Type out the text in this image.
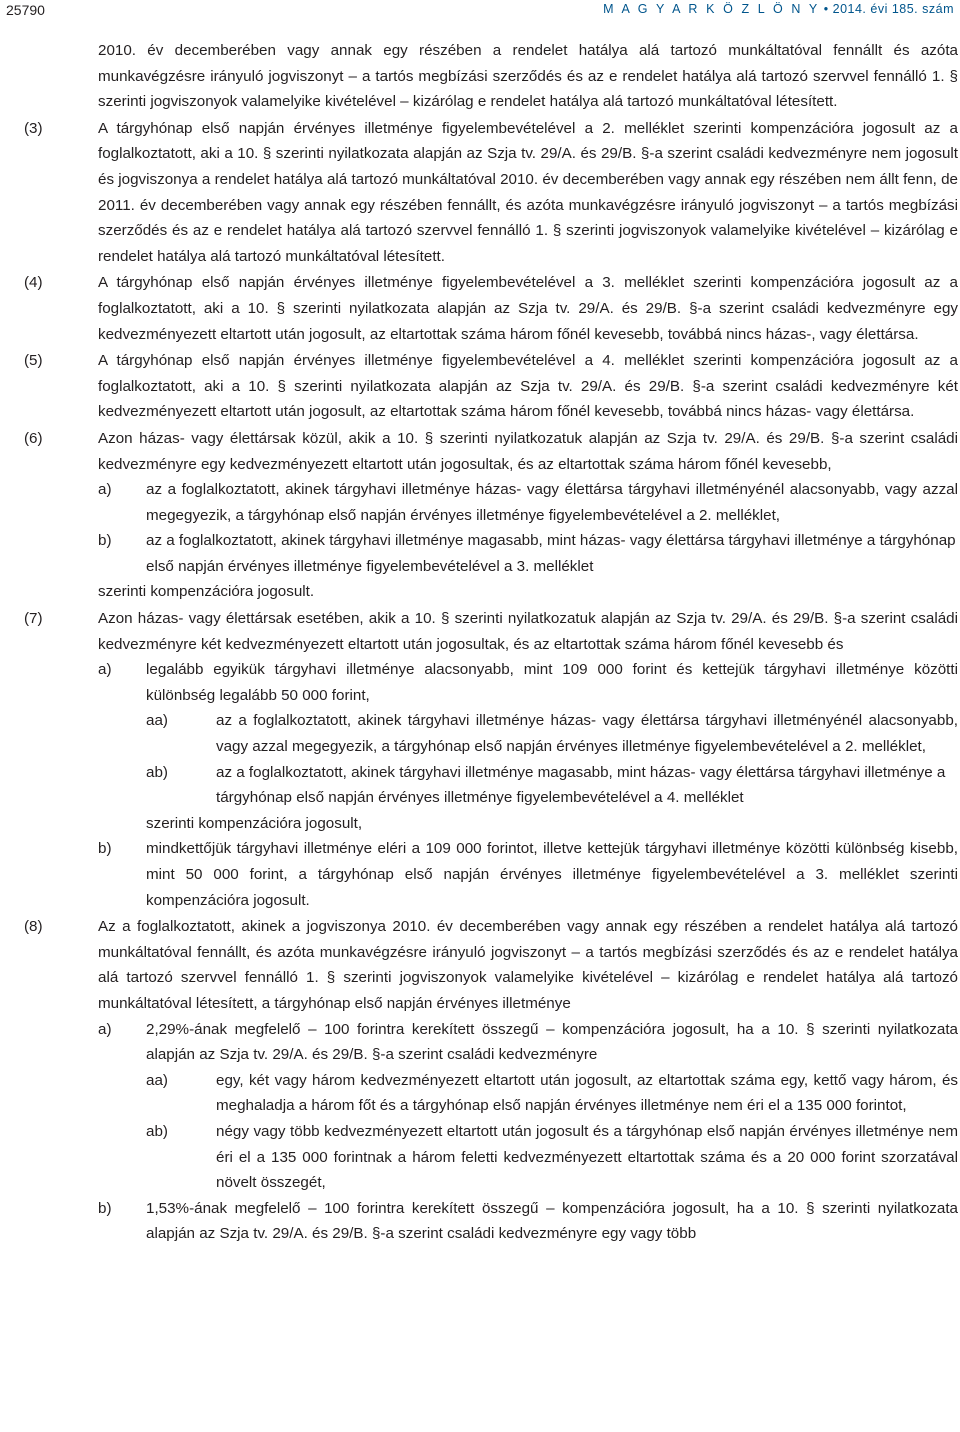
25790	M A G Y A R K Ö Z L Ö N Y • 2014. évi 185. szám

2010. év decemberében vagy annak egy részében a rendelet hatálya alá tartozó munkáltatóval fennállt és azóta munkavégzésre irányuló jogviszonyt – a tartós megbízási szerződés és az e rendelet hatálya alá tartozó szervvel fennálló 1. § szerinti jogviszonyok valamelyike kivételével – kizárólag e rendelet hatálya alá tartozó munkáltatóval létesített.

(3)	A tárgyhónap első napján érvényes illetménye figyelembevételével a 2. melléklet szerinti kompenzációra jogosult az a foglalkoztatott, aki a 10. § szerinti nyilatkozata alapján az Szja tv. 29/A. és 29/B. §-a szerint családi kedvezményre nem jogosult és jogviszonya a rendelet hatálya alá tartozó munkáltatóval 2010. év decemberében vagy annak egy részében nem állt fenn, de 2011. év decemberében vagy annak egy részében fennállt, és azóta munkavégzésre irányuló jogviszonyt – a tartós megbízási szerződés és az e rendelet hatálya alá tartozó szervvel fennálló 1. § szerinti jogviszonyok valamelyike kivételével – kizárólag e rendelet hatálya alá tartozó munkáltatóval létesített.

(4)	A tárgyhónap első napján érvényes illetménye figyelembevételével a 3. melléklet szerinti kompenzációra jogosult az a foglalkoztatott, aki a 10. § szerinti nyilatkozata alapján az Szja tv. 29/A. és 29/B. §-a szerint családi kedvezményre egy kedvezményezett eltartott után jogosult, az eltartottak száma három főnél kevesebb, továbbá nincs házas-, vagy élettársa.

(5)	A tárgyhónap első napján érvényes illetménye figyelembevételével a 4. melléklet szerinti kompenzációra jogosult az a foglalkoztatott, aki a 10. § szerinti nyilatkozata alapján az Szja tv. 29/A. és 29/B. §-a szerint családi kedvezményre két kedvezményezett eltartott után jogosult, az eltartottak száma három főnél kevesebb, továbbá nincs házas- vagy élettársa.

(6)	Azon házas- vagy élettársak közül, akik a 10. § szerinti nyilatkozatuk alapján az Szja tv. 29/A. és 29/B. §-a szerint családi kedvezményre egy kedvezményezett eltartott után jogosultak, és az eltartottak száma három főnél kevesebb,

a)	az a foglalkoztatott, akinek tárgyhavi illetménye házas- vagy élettársa tárgyhavi illetményénél alacsonyabb, vagy azzal megegyezik, a tárgyhónap első napján érvényes illetménye figyelembevételével a 2. melléklet,

b)	az a foglalkoztatott, akinek tárgyhavi illetménye magasabb, mint házas- vagy élettársa tárgyhavi illetménye a tárgyhónap első napján érvényes illetménye figyelembevételével a 3. melléklet

szerinti kompenzációra jogosult.

(7)	Azon házas- vagy élettársak esetében, akik a 10. § szerinti nyilatkozatuk alapján az Szja tv. 29/A. és 29/B. §-a szerint családi kedvezményre két kedvezményezett eltartott után jogosultak, és az eltartottak száma három főnél kevesebb és

a)	legalább egyikük tárgyhavi illetménye alacsonyabb, mint 109 000 forint és kettejük tárgyhavi illetménye közötti különbség legalább 50 000 forint,

aa)	az a foglalkoztatott, akinek tárgyhavi illetménye házas- vagy élettársa tárgyhavi illetményénél alacsonyabb, vagy azzal megegyezik, a tárgyhónap első napján érvényes illetménye figyelembevételével a 2. melléklet,

ab)	az a foglalkoztatott, akinek tárgyhavi illetménye magasabb, mint házas- vagy élettársa tárgyhavi illetménye a tárgyhónap első napján érvényes illetménye figyelembevételével a 4. melléklet

szerinti kompenzációra jogosult,

b)	mindkettőjük tárgyhavi illetménye eléri a 109 000 forintot, illetve kettejük tárgyhavi illetménye közötti különbség kisebb, mint 50 000 forint, a tárgyhónap első napján érvényes illetménye figyelembevételével a 3. melléklet szerinti kompenzációra jogosult.

(8)	Az a foglalkoztatott, akinek a jogviszonya 2010. év decemberében vagy annak egy részében a rendelet hatálya alá tartozó munkáltatóval fennállt, és azóta munkavégzésre irányuló jogviszonyt – a tartós megbízási szerződés és az e rendelet hatálya alá tartozó szervvel fennálló 1. § szerinti jogviszonyok valamelyike kivételével – kizárólag e rendelet hatálya alá tartozó munkáltatóval létesített, a tárgyhónap első napján érvényes illetménye

a)	2,29%-ának megfelelő – 100 forintra kerekített összegű – kompenzációra jogosult, ha a 10. § szerinti nyilatkozata alapján az Szja tv. 29/A. és 29/B. §-a szerint családi kedvezményre

aa)	egy, két vagy három kedvezményezett eltartott után jogosult, az eltartottak száma egy, kettő vagy három, és meghaladja a három főt és a tárgyhónap első napján érvényes illetménye nem éri el a 135 000 forintot,

ab)	négy vagy több kedvezményezett eltartott után jogosult és a tárgyhónap első napján érvényes illetménye nem éri el a 135 000 forintnak a három feletti kedvezményezett eltartottak száma és a 20 000 forint szorzatával növelt összegét,

b)	1,53%-ának megfelelő – 100 forintra kerekített összegű – kompenzációra jogosult, ha a 10. § szerinti nyilatkozata alapján az Szja tv. 29/A. és 29/B. §-a szerint családi kedvezményre egy vagy több
